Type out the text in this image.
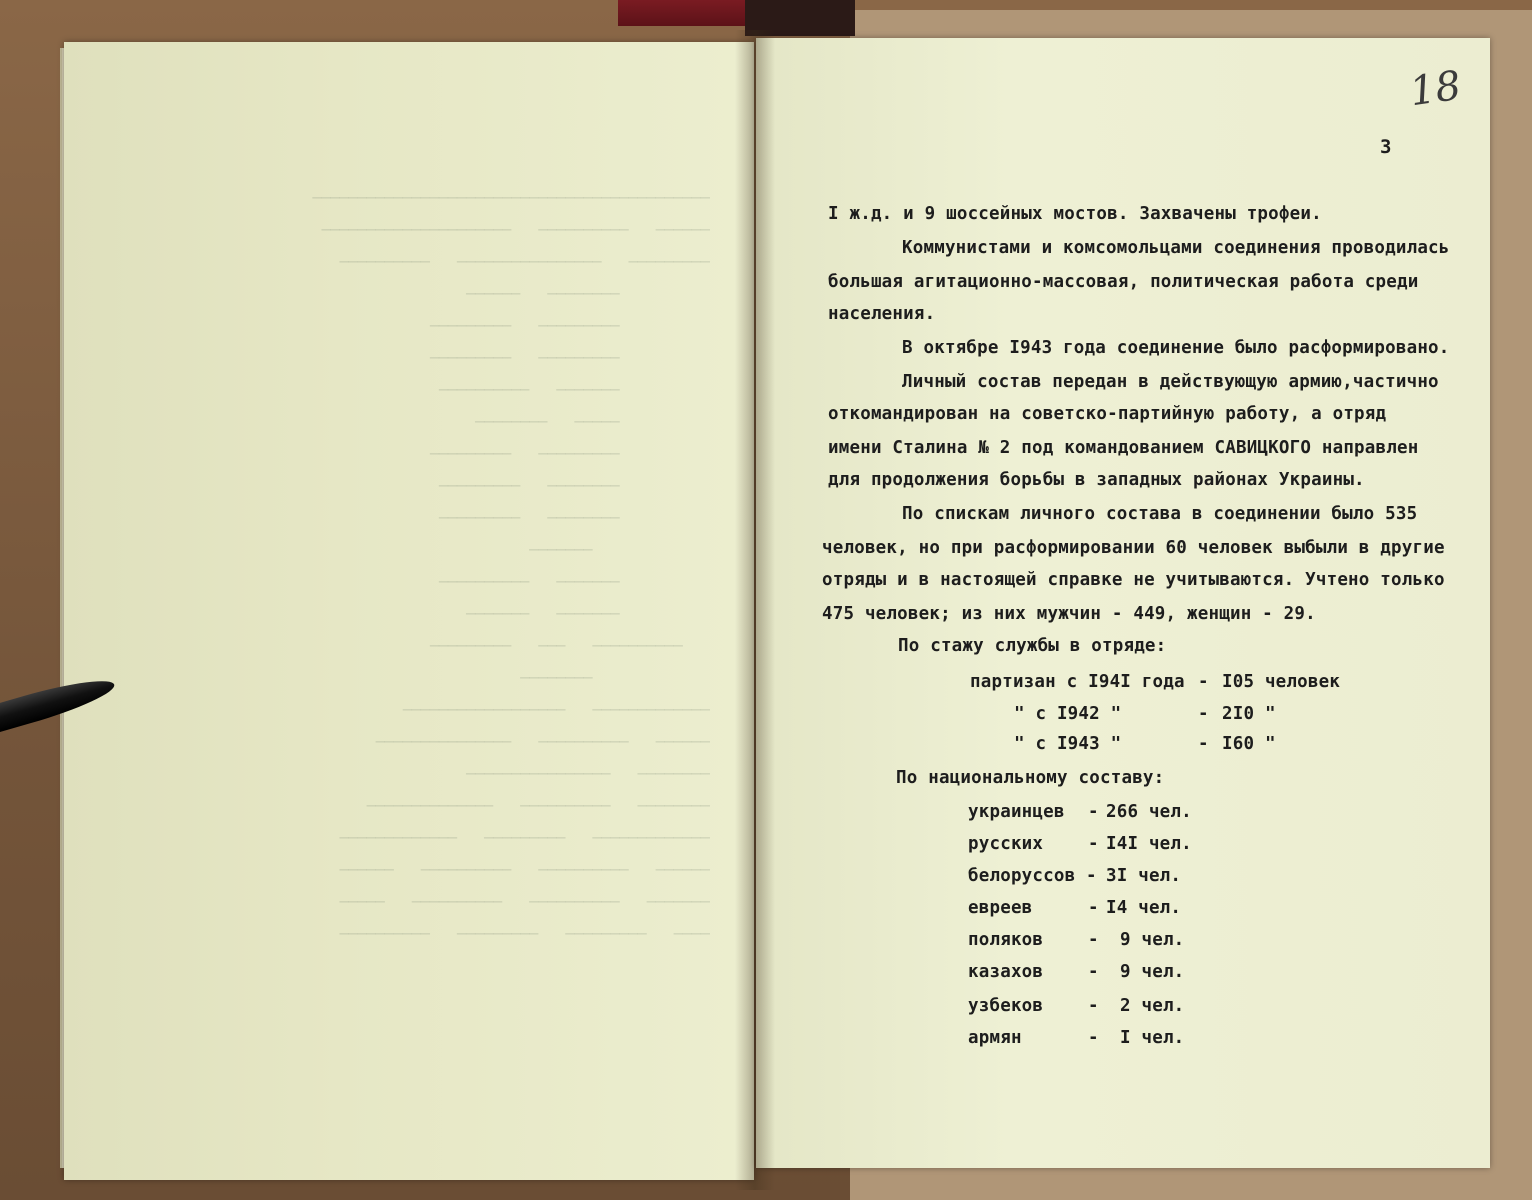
────────────────────────────────────────────
──────   ──────────   ─────────────────────
─────────   ────────────────   ──────────
────────   ──────
─────────   ─────────
─────────   ─────────
───────   ──────────
─────   ────────
─────────   ─────────
────────   ─────────
────────   ─────────
───────
───────   ──────────
───────   ───────
──────────   ───   ─────────
────────
─────────────   ──────────────────
──────   ──────────   ───────────────
────────   ────────────────
────────   ──────────   ──────────────
─────────────   ─────────   ─────────────
──────   ──────────   ──────────   ──────
───────   ──────────   ──────────   ─────
────   ─────────   ─────────   ──────────

18
3
I ж.д. и 9 шоссейных мостов. Захвачены трофеи.
Коммунистами и комсомольцами соединения проводилась
большая агитационно-массовая, политическая работа среди
населения.
В октябре I943 года соединение было расформировано.
Личный состав передан в действующую армию,частично
откомандирован на советско-партийную работу, а отряд
имени Сталина № 2 под командованием САВИЦКОГО направлен
для продолжения борьбы в западных районах Украины.
По спискам личного состава в соединении было 535
человек, но при расформировании 60 человек выбыли в другие
отряды и в настоящей справке не учитываются. Учтено только
475 человек; из них мужчин - 449, женщин - 29.
По стажу службы в отряде:
партизан с I94I года - I05 человек
" с I942 "	- 2I0 "
" с I943 "	- I60 "
По национальному составу:
украинцев - 266 чел.
русских	- I4I чел.
белоруссов - 3I чел.
евреев	- I4 чел.
поляков	- 9 чел.
казахов	- 9 чел.
узбеков	- 2 чел.
армян	- I чел.
